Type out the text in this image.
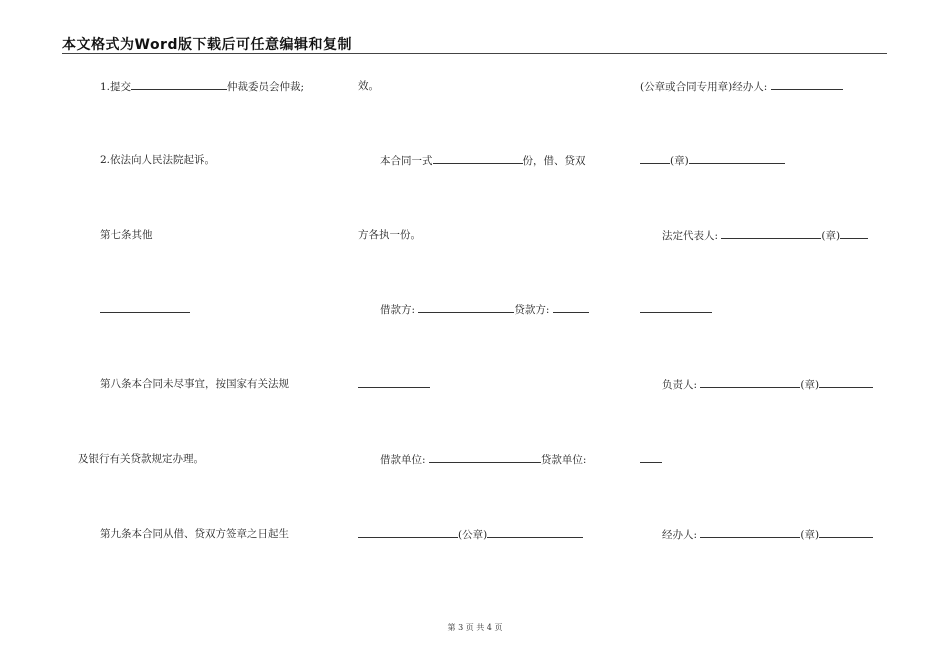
本文格式为Word版下载后可任意编辑和复制
1.提交	仲裁委员会仲裁;
2.依法向人民法院起诉。
第七条其他
第八条本合同未尽事宜，按国家有关法规
及银行有关贷款规定办理。
第九条本合同从借、贷双方签章之日起生
效。
本合同一式	份，借、贷双
方各执一份。
借款方:	贷款方:
借款单位:	贷款单位:
(公章)
(公章或合同专用章)经办人:
(章)
法定代表人:	(章)
负责人:	(章)
经办人:	(章)
第 3 页 共 4 页
